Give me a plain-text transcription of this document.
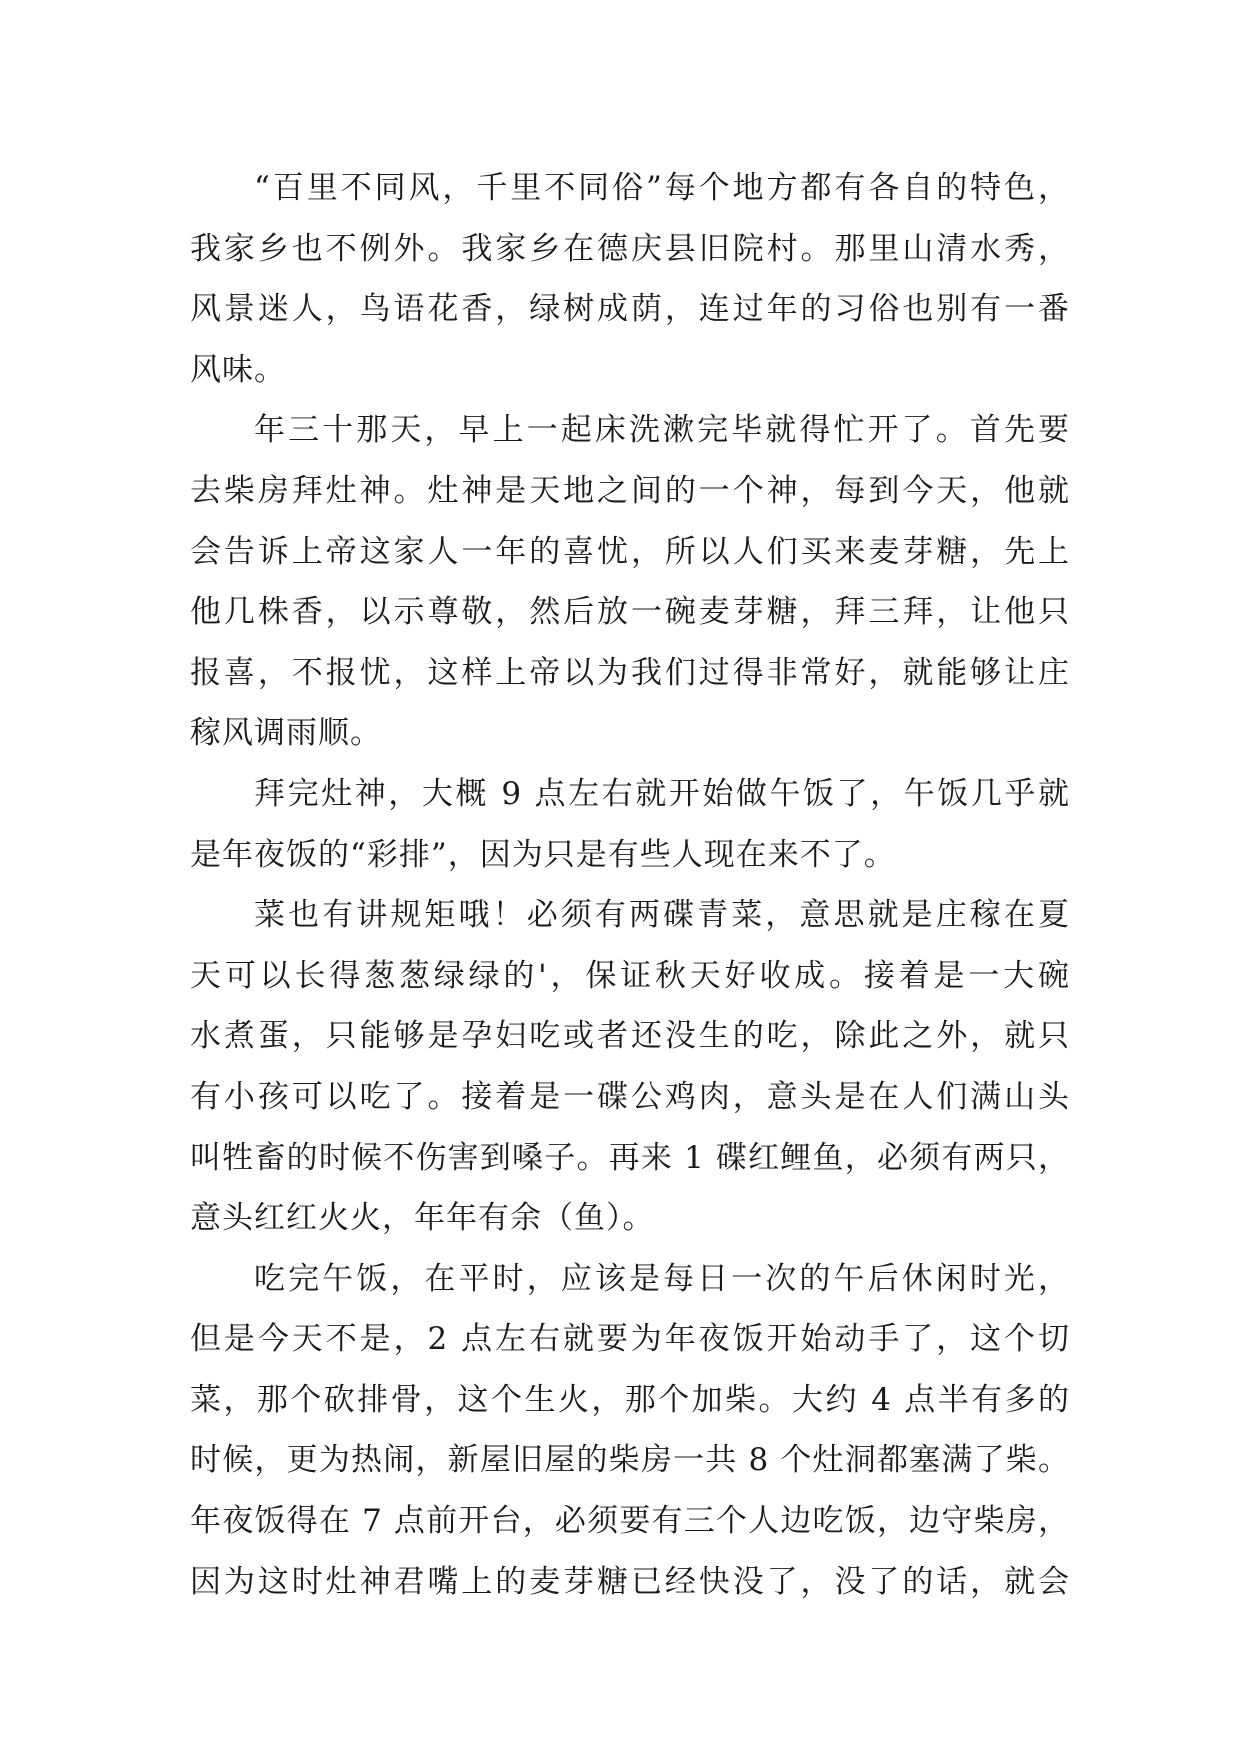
“百里不同风，千里不同俗”每个地方都有各自的特色，
我家乡也不例外。我家乡在德庆县旧院村。那里山清水秀，
风景迷人，鸟语花香，绿树成荫，连过年的习俗也别有一番
风味。
年三十那天，早上一起床洗漱完毕就得忙开了。首先要
去柴房拜灶神。灶神是天地之间的一个神，每到今天，他就
会告诉上帝这家人一年的喜忧，所以人们买来麦芽糖，先上
他几株香，以示尊敬，然后放一碗麦芽糖，拜三拜，让他只
报喜，不报忧，这样上帝以为我们过得非常好，就能够让庄
稼风调雨顺。
拜完灶神，大概 9 点左右就开始做午饭了，午饭几乎就
是年夜饭的“彩排”，因为只是有些人现在来不了。
菜也有讲规矩哦！必须有两碟青菜，意思就是庄稼在夏
天可以长得葱葱绿绿的'，保证秋天好收成。接着是一大碗
水煮蛋，只能够是孕妇吃或者还没生的吃，除此之外，就只
有小孩可以吃了。接着是一碟公鸡肉，意头是在人们满山头
叫牲畜的时候不伤害到嗓子。再来 1 碟红鲤鱼，必须有两只，
意头红红火火，年年有余（鱼）。
吃完午饭，在平时，应该是每日一次的午后休闲时光，
但是今天不是，2 点左右就要为年夜饭开始动手了，这个切
菜，那个砍排骨，这个生火，那个加柴。大约 4 点半有多的
时候，更为热闹，新屋旧屋的柴房一共 8 个灶洞都塞满了柴。
年夜饭得在 7 点前开台，必须要有三个人边吃饭，边守柴房，
因为这时灶神君嘴上的麦芽糖已经快没了，没了的话，就会
